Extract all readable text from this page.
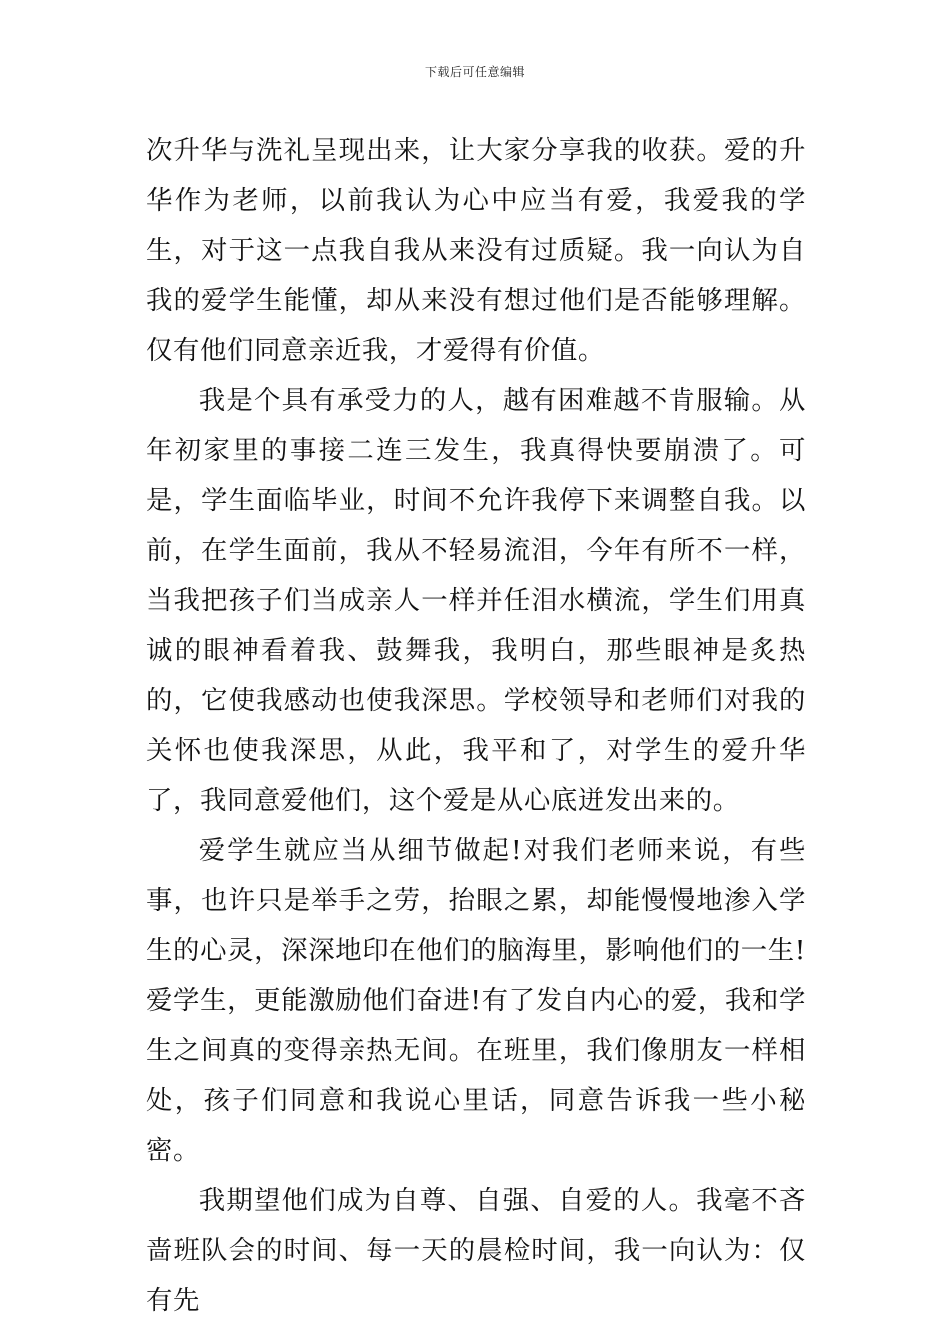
下载后可任意编辑

次升华与洗礼呈现出来，让大家分享我的收获。爱的升华作为老师，以前我认为心中应当有爱，我爱我的学生，对于这一点我自我从来没有过质疑。我一向认为自我的爱学生能懂，却从来没有想过他们是否能够理解。仅有他们同意亲近我，才爱得有价值。

我是个具有承受力的人，越有困难越不肯服输。从年初家里的事接二连三发生，我真得快要崩溃了。可是，学生面临毕业，时间不允许我停下来调整自我。以前，在学生面前，我从不轻易流泪，今年有所不一样，当我把孩子们当成亲人一样并任泪水横流，学生们用真诚的眼神看着我、鼓舞我，我明白，那些眼神是炙热的，它使我感动也使我深思。学校领导和老师们对我的关怀也使我深思，从此，我平和了，对学生的爱升华了，我同意爱他们，这个爱是从心底迸发出来的。

爱学生就应当从细节做起!对我们老师来说，有些事，也许只是举手之劳，抬眼之累，却能慢慢地渗入学生的心灵，深深地印在他们的脑海里，影响他们的一生!爱学生，更能激励他们奋进!有了发自内心的爱，我和学生之间真的变得亲热无间。在班里，我们像朋友一样相处，孩子们同意和我说心里话，同意告诉我一些小秘密。

我期望他们成为自尊、自强、自爱的人。我毫不吝啬班队会的时间、每一天的晨检时间，我一向认为：仅有先
